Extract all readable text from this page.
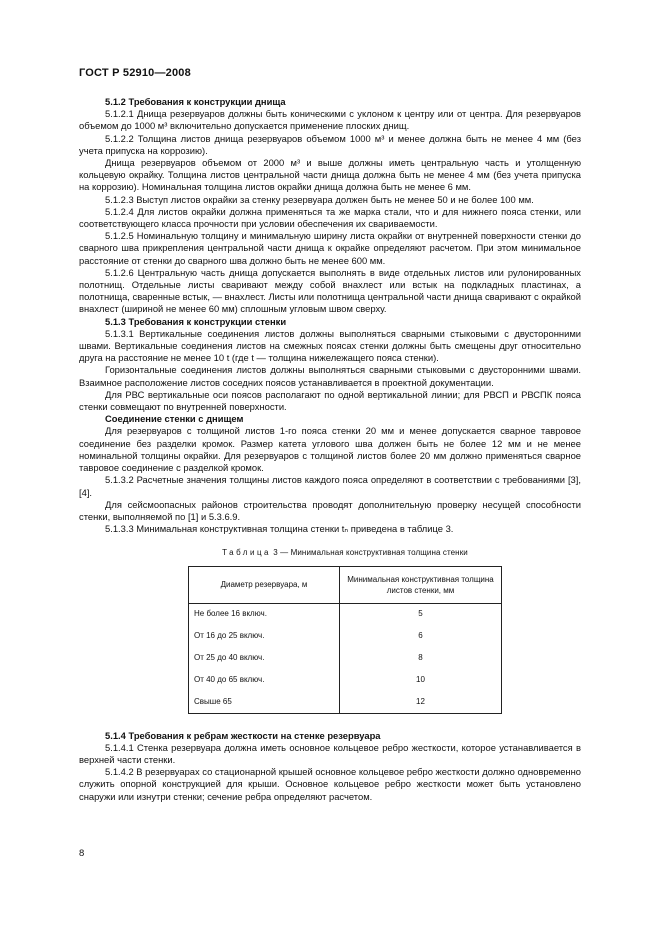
ГОСТ Р 52910—2008
5.1.2 Требования к конструкции днища

5.1.2.1 Днища резервуаров должны быть коническими с уклоном к центру или от центра. Для резервуаров объемом до 1000 м³ включительно допускается применение плоских днищ.

5.1.2.2 Толщина листов днища резервуаров объемом 1000 м³ и менее должна быть не менее 4 мм (без учета припуска на коррозию).

Днища резервуаров объемом от 2000 м³ и выше должны иметь центральную часть и утолщенную кольцевую окрайку. Толщина листов центральной части днища должна быть не менее 4 мм (без учета припуска на коррозию). Номинальная толщина листов окрайки днища должна быть не менее 6 мм.

5.1.2.3 Выступ листов окрайки за стенку резервуара должен быть не менее 50 и не более 100 мм.

5.1.2.4 Для листов окрайки должна применяться та же марка стали, что и для нижнего пояса стенки, или соответствующего класса прочности при условии обеспечения их свариваемости.

5.1.2.5 Номинальную толщину и минимальную ширину листа окрайки от внутренней поверхности стенки до сварного шва прикрепления центральной части днища к окрайке определяют расчетом. При этом минимальное расстояние от стенки до сварного шва должно быть не менее 600 мм.

5.1.2.6 Центральную часть днища допускается выполнять в виде отдельных листов или рулонированных полотнищ. Отдельные листы сваривают между собой внахлест или встык на подкладных пластинах, а полотнища, сваренные встык, — внахлест. Листы или полотнища центральной части днища сваривают с окрайкой внахлест (шириной не менее 60 мм) сплошным угловым швом сверху.

5.1.3 Требования к конструкции стенки

5.1.3.1 Вертикальные соединения листов должны выполняться сварными стыковыми с двусторонними швами. Вертикальные соединения листов на смежных поясах стенки должны быть смещены друг относительно друга на расстояние не менее 10 t (где t — толщина нижележащего пояса стенки).

Горизонтальные соединения листов должны выполняться сварными стыковыми с двусторонними швами. Взаимное расположение листов соседних поясов устанавливается в проектной документации.

Для РВС вертикальные оси поясов располагают по одной вертикальной линии; для РВСП и РВСПК пояса стенки совмещают по внутренней поверхности.

Соединение стенки с днищем

Для резервуаров с толщиной листов 1-го пояса стенки 20 мм и менее допускается сварное тавровое соединение без разделки кромок. Размер катета углового шва должен быть не более 12 мм и не менее номинальной толщины окрайки. Для резервуаров с толщиной листов более 20 мм должно применяться сварное тавровое соединение с разделкой кромок.

5.1.3.2 Расчетные значения толщины листов каждого пояса определяют в соответствии с требованиями [3], [4].

Для сейсмоопасных районов строительства проводят дополнительную проверку несущей способности стенки, выполняемой по [1] и 5.3.6.9.

5.1.3.3 Минимальная конструктивная толщина стенки tₙ приведена в таблице 3.

Таблица 3 — Минимальная конструктивная толщина стенки
Диаметр резервуара, м	Минимальная конструктивная толщина листов стенки, мм
Не более 16 включ.	5
От 16 до 25 включ.	6
От 25 до 40 включ.	8
От 40 до 65 включ.	10
Свыше 65	12
5.1.4 Требования к ребрам жесткости на стенке резервуара

5.1.4.1 Стенка резервуара должна иметь основное кольцевое ребро жесткости, которое устанавливается в верхней части стенки.

5.1.4.2 В резервуарах со стационарной крышей основное кольцевое ребро жесткости должно одновременно служить опорной конструкцией для крыши. Основное кольцевое ребро жесткости может быть установлено снаружи или изнутри стенки; сечение ребра определяют расчетом.

8
